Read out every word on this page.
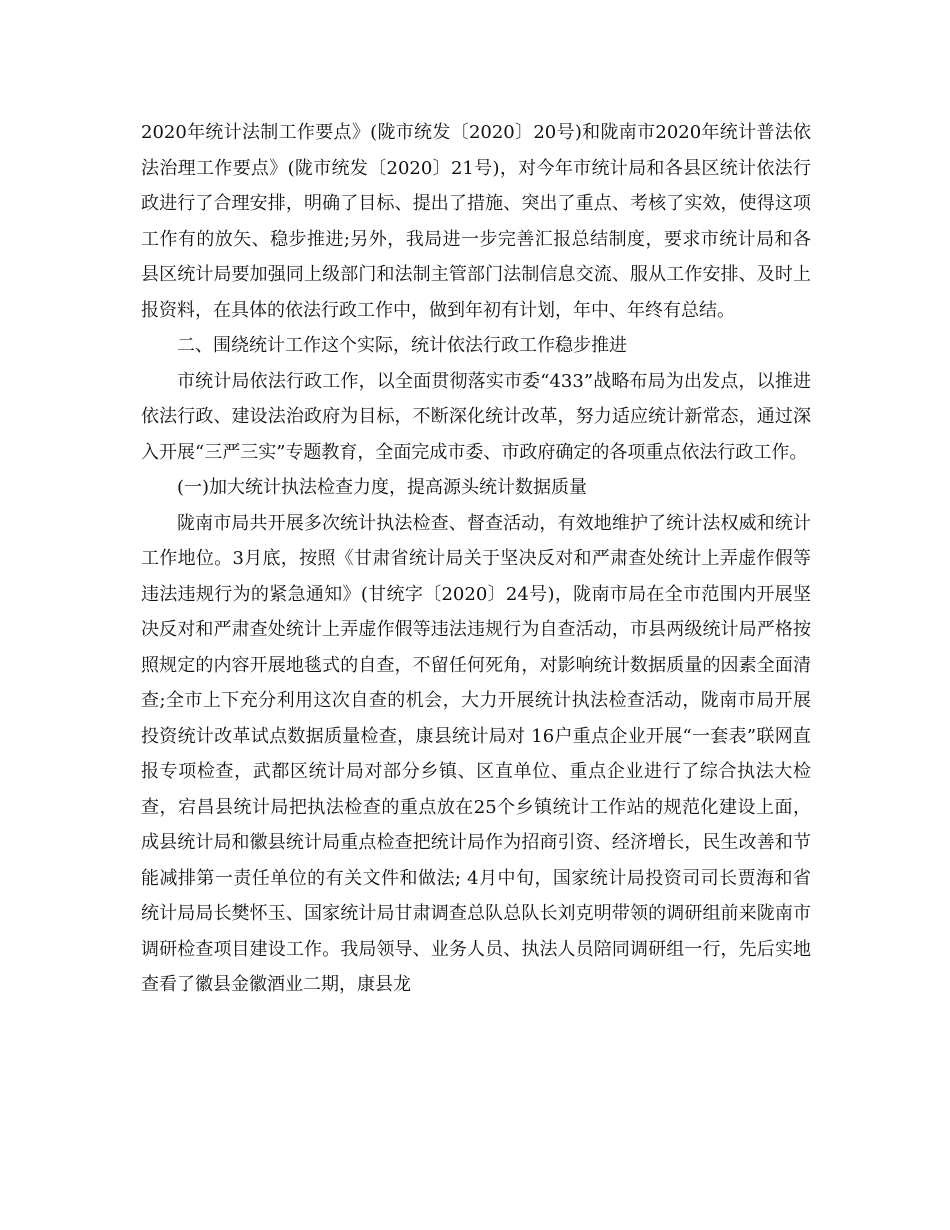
2020年统计法制工作要点》(陇市统发〔2020〕20号)和陇南市2020年统计普法依法治理工作要点》(陇市统发〔2020〕21号)，对今年市统计局和各县区统计依法行政进行了合理安排，明确了目标、提出了措施、突出了重点、考核了实效，使得这项工作有的放矢、稳步推进;另外，我局进一步完善汇报总结制度，要求市统计局和各县区统计局要加强同上级部门和法制主管部门法制信息交流、服从工作安排、及时上报资料，在具体的依法行政工作中，做到年初有计划，年中、年终有总结。

二、围绕统计工作这个实际，统计依法行政工作稳步推进

市统计局依法行政工作，以全面贯彻落实市委“433”战略布局为出发点，以推进依法行政、建设法治政府为目标，不断深化统计改革，努力适应统计新常态，通过深入开展“三严三实”专题教育，全面完成市委、市政府确定的各项重点依法行政工作。

(一)加大统计执法检查力度，提高源头统计数据质量

陇南市局共开展多次统计执法检查、督查活动，有效地维护了统计法权威和统计工作地位。3月底，按照《甘肃省统计局关于坚决反对和严肃查处统计上弄虚作假等违法违规行为的紧急通知》(甘统字〔2020〕24号)，陇南市局在全市范围内开展坚决反对和严肃查处统计上弄虚作假等违法违规行为自查活动，市县两级统计局严格按照规定的内容开展地毯式的自查，不留任何死角，对影响统计数据质量的因素全面清查;全市上下充分利用这次自查的机会，大力开展统计执法检查活动，陇南市局开展投资统计改革试点数据质量检查，康县统计局对 16户重点企业开展“一套表”联网直报专项检查，武都区统计局对部分乡镇、区直单位、重点企业进行了综合执法大检查，宕昌县统计局把执法检查的重点放在25个乡镇统计工作站的规范化建设上面，成县统计局和徽县统计局重点检查把统计局作为招商引资、经济增长，民生改善和节能减排第一责任单位的有关文件和做法; 4月中旬，国家统计局投资司司长贾海和省统计局局长樊怀玉、国家统计局甘肃调查总队总队长刘克明带领的调研组前来陇南市调研检查项目建设工作。我局领导、业务人员、执法人员陪同调研组一行，先后实地查看了徽县金徽酒业二期，康县龙
